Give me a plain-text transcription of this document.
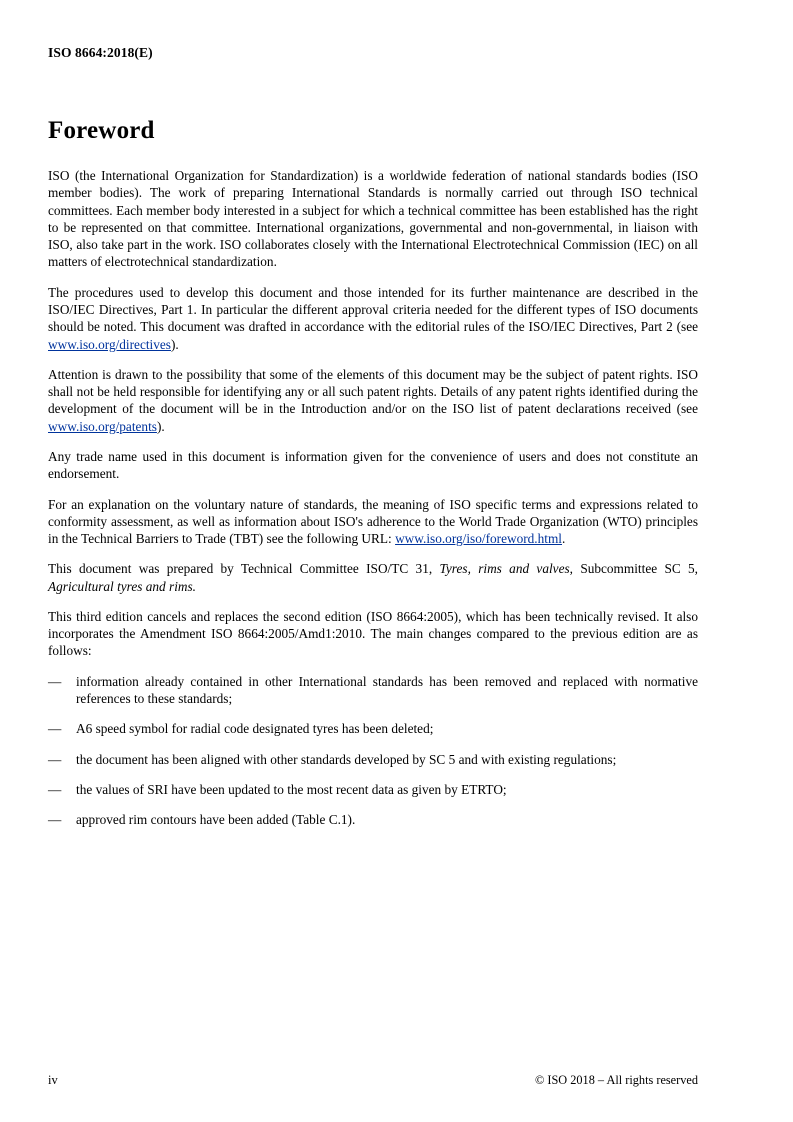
ISO 8664:2018(E)
Foreword

ISO (the International Organization for Standardization) is a worldwide federation of national standards bodies (ISO member bodies). The work of preparing International Standards is normally carried out through ISO technical committees. Each member body interested in a subject for which a technical committee has been established has the right to be represented on that committee. International organizations, governmental and non-governmental, in liaison with ISO, also take part in the work. ISO collaborates closely with the International Electrotechnical Commission (IEC) on all matters of electrotechnical standardization.

The procedures used to develop this document and those intended for its further maintenance are described in the ISO/IEC Directives, Part 1. In particular the different approval criteria needed for the different types of ISO documents should be noted. This document was drafted in accordance with the editorial rules of the ISO/IEC Directives, Part 2 (see www.iso.org/directives).

Attention is drawn to the possibility that some of the elements of this document may be the subject of patent rights. ISO shall not be held responsible for identifying any or all such patent rights. Details of any patent rights identified during the development of the document will be in the Introduction and/or on the ISO list of patent declarations received (see www.iso.org/patents).

Any trade name used in this document is information given for the convenience of users and does not constitute an endorsement.

For an explanation on the voluntary nature of standards, the meaning of ISO specific terms and expressions related to conformity assessment, as well as information about ISO's adherence to the World Trade Organization (WTO) principles in the Technical Barriers to Trade (TBT) see the following URL: www.iso.org/iso/foreword.html.

This document was prepared by Technical Committee ISO/TC 31, Tyres, rims and valves, Subcommittee SC 5, Agricultural tyres and rims.

This third edition cancels and replaces the second edition (ISO 8664:2005), which has been technically revised. It also incorporates the Amendment ISO 8664:2005/Amd1:2010. The main changes compared to the previous edition are as follows:

— information already contained in other International standards has been removed and replaced with normative references to these standards;
— A6 speed symbol for radial code designated tyres has been deleted;
— the document has been aligned with other standards developed by SC 5 and with existing regulations;
— the values of SRI have been updated to the most recent data as given by ETRTO;
— approved rim contours have been added (Table C.1).
iv	© ISO 2018 – All rights reserved
